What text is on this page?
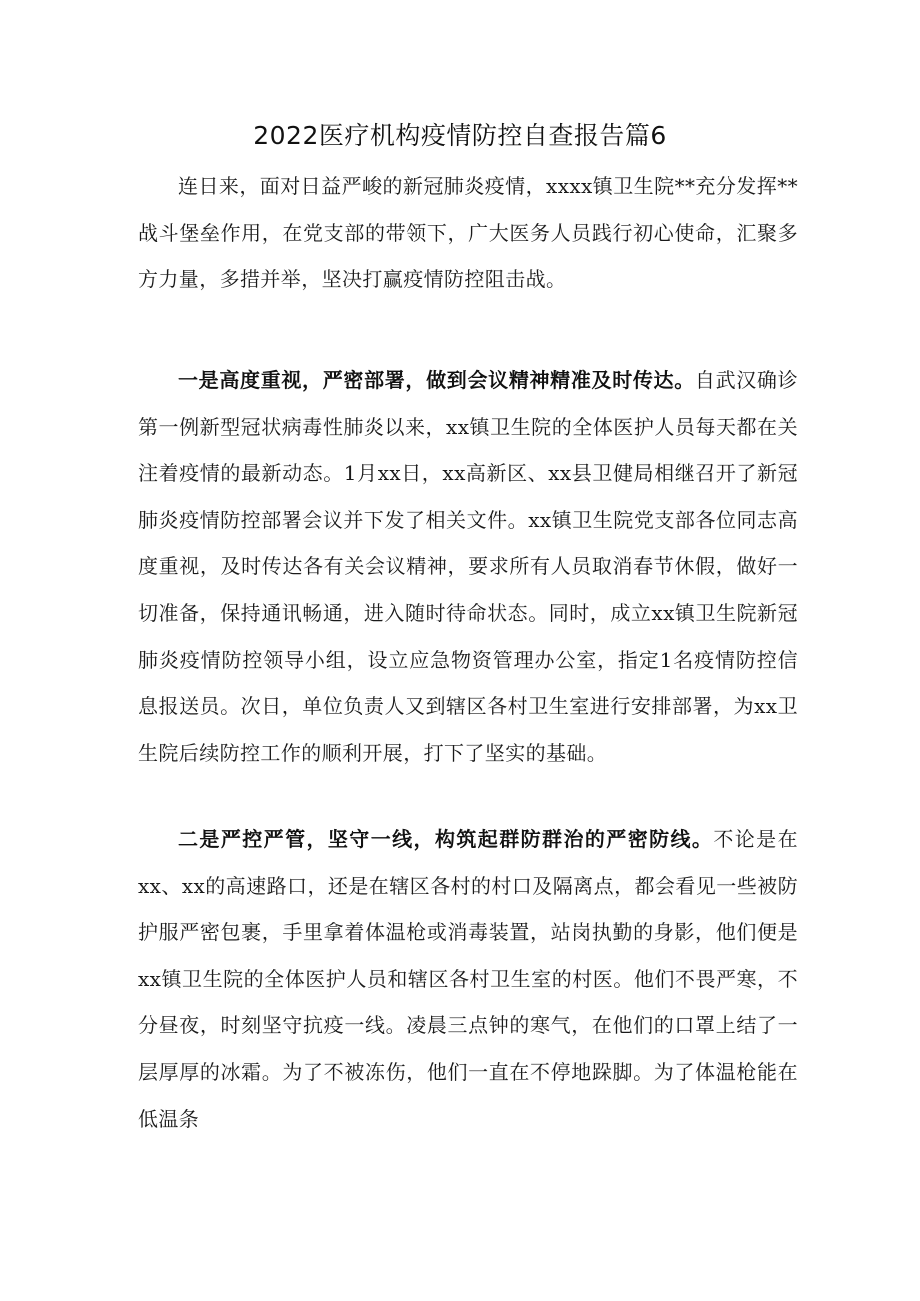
2022医疗机构疫情防控自查报告篇6

连日来，面对日益严峻的新冠肺炎疫情，xxxx镇卫生院**充分发挥**战斗堡垒作用，在党支部的带领下，广大医务人员践行初心使命，汇聚多方力量，多措并举，坚决打赢疫情防控阻击战。

一是高度重视，严密部署，做到会议精神精准及时传达。自武汉确诊第一例新型冠状病毒性肺炎以来，xx镇卫生院的全体医护人员每天都在关注着疫情的最新动态。1月xx日，xx高新区、xx县卫健局相继召开了新冠肺炎疫情防控部署会议并下发了相关文件。xx镇卫生院党支部各位同志高度重视，及时传达各有关会议精神，要求所有人员取消春节休假，做好一切准备，保持通讯畅通，进入随时待命状态。同时，成立xx镇卫生院新冠肺炎疫情防控领导小组，设立应急物资管理办公室，指定1名疫情防控信息报送员。次日，单位负责人又到辖区各村卫生室进行安排部署，为xx卫生院后续防控工作的顺利开展，打下了坚实的基础。

二是严控严管，坚守一线，构筑起群防群治的严密防线。不论是在xx、xx的高速路口，还是在辖区各村的村口及隔离点，都会看见一些被防护服严密包裹，手里拿着体温枪或消毒装置，站岗执勤的身影，他们便是xx镇卫生院的全体医护人员和辖区各村卫生室的村医。他们不畏严寒，不分昼夜，时刻坚守抗疫一线。凌晨三点钟的寒气，在他们的口罩上结了一层厚厚的冰霜。为了不被冻伤，他们一直在不停地跺脚。为了体温枪能在低温条
